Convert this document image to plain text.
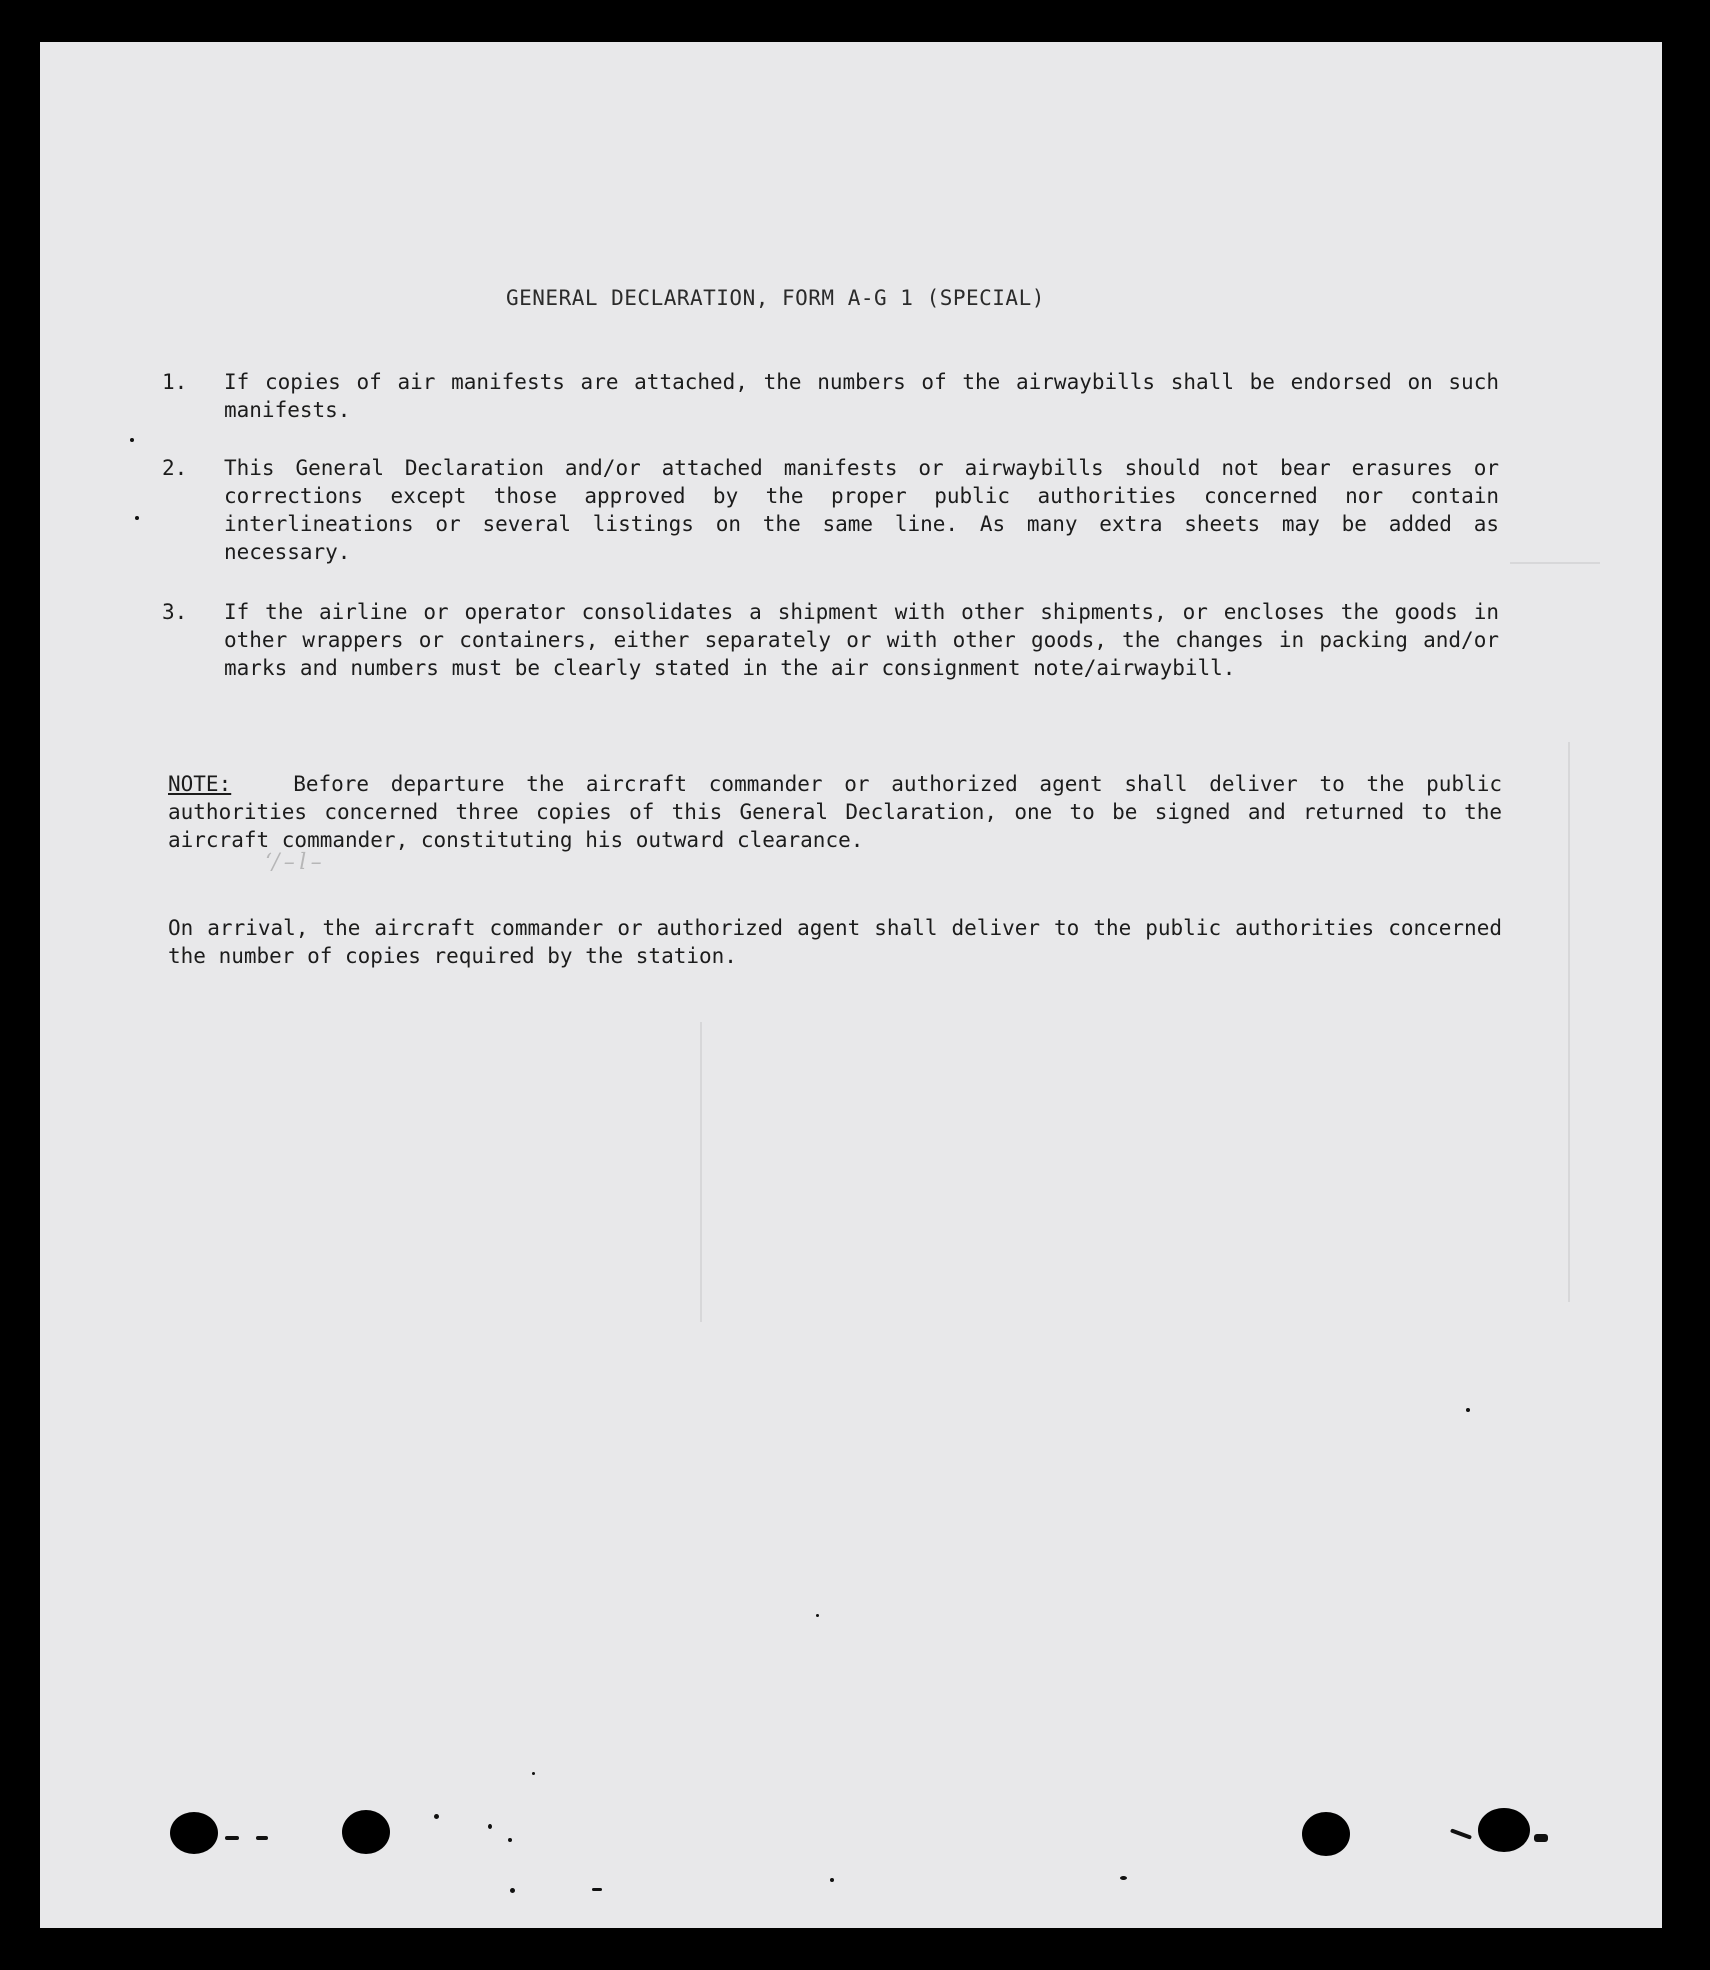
GENERAL DECLARATION, FORM A-G 1 (SPECIAL)
1.	If copies of air manifests are attached, the numbers of the airwaybills shall be endorsed on such manifests.
2.	This General Declaration and/or attached manifests or airwaybills should not bear erasures or corrections except those approved by the proper public authorities concerned nor contain interlineations or several listings on the same line. As many extra sheets may be added as necessary.
3.	If the airline or operator consolidates a shipment with other shipments, or encloses the goods in other wrappers or containers, either separately or with other goods, the changes in packing and/or marks and numbers must be clearly stated in the air consignment note/airwaybill.
NOTE:	Before departure the aircraft commander or authorized agent shall deliver to the public authorities concerned three copies of this General Declaration, one to be signed and returned to the aircraft commander, constituting his outward clearance.
On arrival, the aircraft commander or authorized agent shall deliver to the public authorities concerned the number of copies required by the station.
‘/ – l –
